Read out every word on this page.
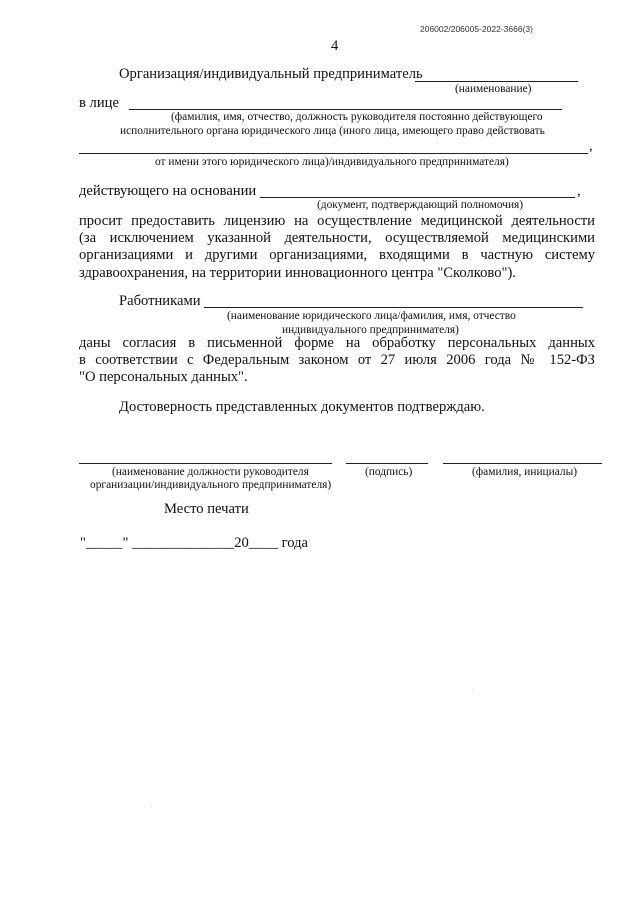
206002/206005-2022-3666(3)
4
Организация/индивидуальный предприниматель
(наименование)
в лице
(фамилия, имя, отчество, должность руководителя постоянно действующего
исполнительного органа юридического лица (иного лица, имеющего право действовать
,
от имени этого юридического лица)/индивидуального предпринимателя)
действующего на основании	,
(документ, подтверждающий полномочия)
просит предоставить лицензию на осуществление медицинской деятельности
(за исключением указанной деятельности, осуществляемой медицинскими
организациями и другими организациями, входящими в частную систему
здравоохранения, на территории инновационного центра "Сколково").
Работниками
(наименование юридического лица/фамилия, имя, отчество
индивидуального предпринимателя)
даны согласия в письменной форме на обработку персональных данных
в соответствии с Федеральным законом от 27 июля 2006 года № 152-ФЗ
"О персональных данных".
Достоверность представленных документов подтверждаю.
(наименование должности руководителя
организации/индивидуального предпринимателя)
(подпись)	(фамилия, инициалы)
Место печати
"_____" ______________20____ года
